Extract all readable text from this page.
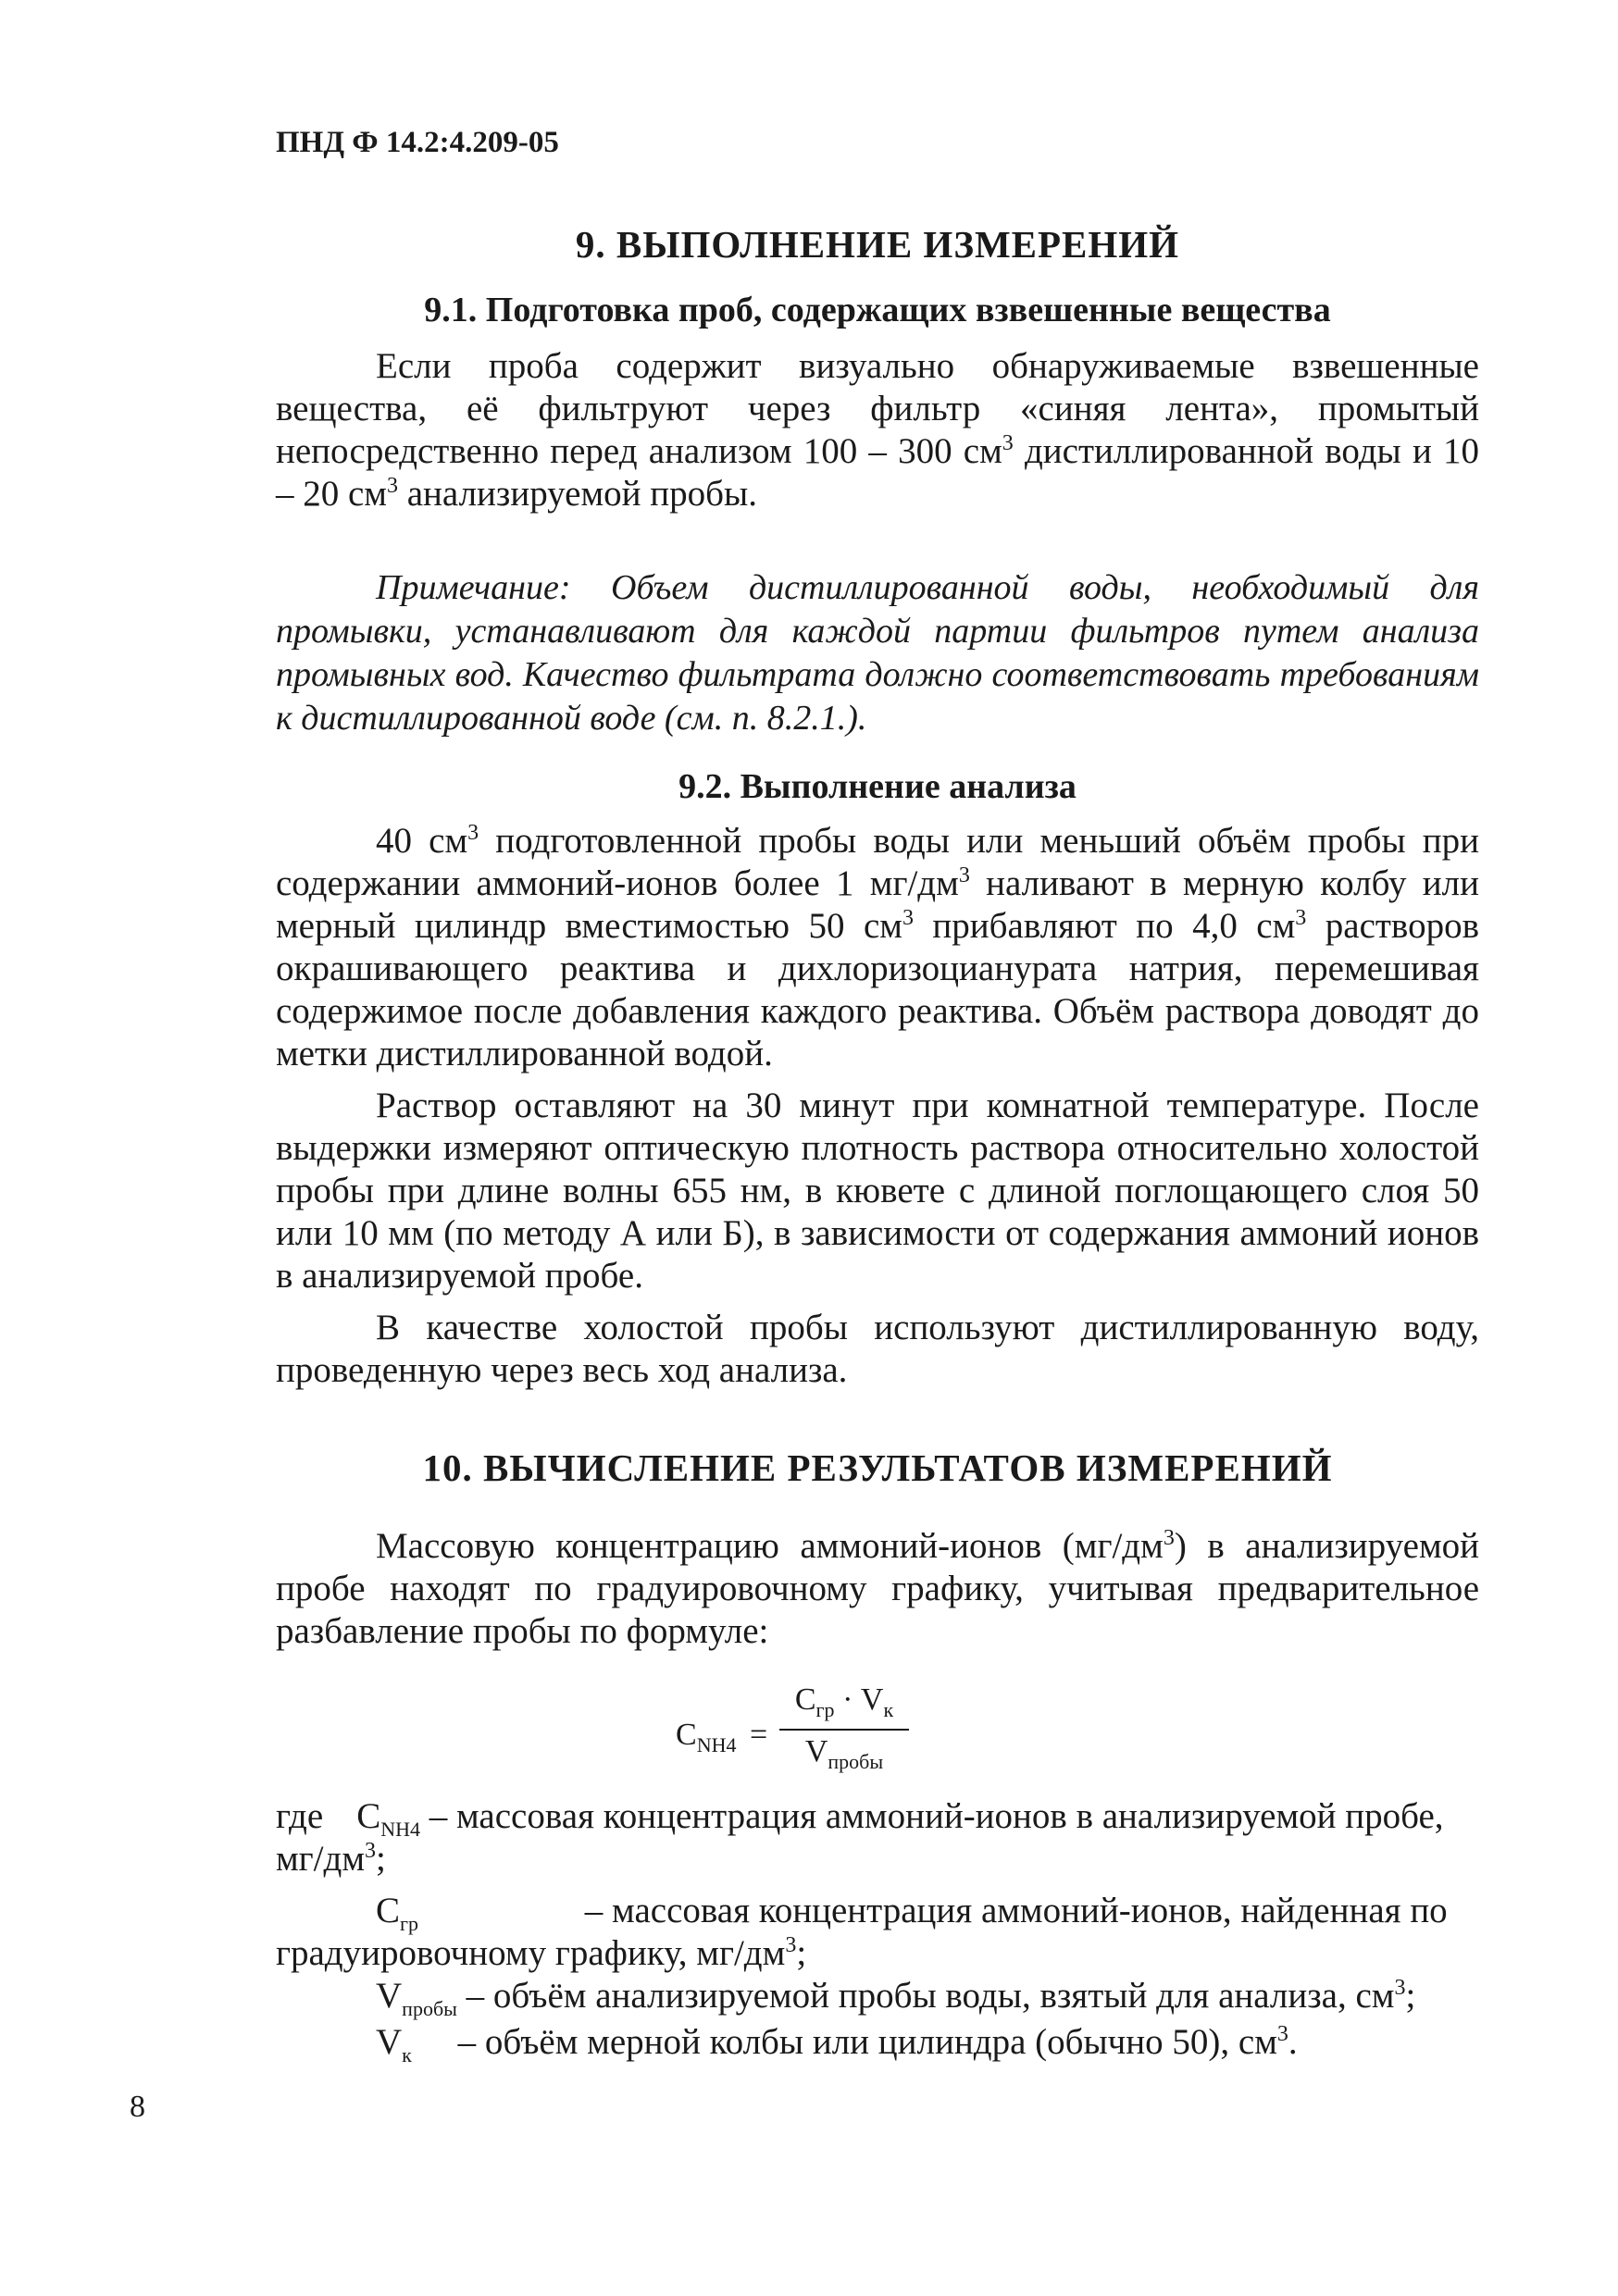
ПНД Ф 14.2:4.209-05
9. ВЫПОЛНЕНИЕ ИЗМЕРЕНИЙ
9.1. Подготовка проб, содержащих взвешенные вещества
Если проба содержит визуально обнаруживаемые взвешенные вещества, её фильтруют через фильтр «синяя лента», промытый непосредственно перед анализом 100 – 300 $см^3$ дистиллированной воды и 10 – 20 $см^3$ анализируемой пробы.
Примечание: Объем дистиллированной воды, необходимый для промывки, устанавливают для каждой партии фильтров путем анализа промывных вод. Качество фильтрата должно соответствовать требованиям к дистиллированной воде (см. п. 8.2.1.).
9.2. Выполнение анализа
40 $см^3$ подготовленной пробы воды или меньший объём пробы при содержании аммоний-ионов более 1 $мг/дм^3$ наливают в мерную колбу или мерный цилиндр вместимостью 50 $см^3$ прибавляют по 4,0 $см^3$ растворов окрашивающего реактива и дихлоризоцианурата натрия, перемешивая содержимое после добавления каждого реактива. Объём раствора доводят до метки дистиллированной водой.
Раствор оставляют на 30 минут при комнатной температуре. После выдержки измеряют оптическую плотность раствора относительно холостой пробы при длине волны 655 нм, в кювете с длиной поглощающего слоя 50 или 10 мм (по методу А или Б), в зависимости от содержания аммоний ионов в анализируемой пробе.
В качестве холостой пробы используют дистиллированную воду, проведенную через весь ход анализа.
10. ВЫЧИСЛЕНИЕ РЕЗУЛЬТАТОВ ИЗМЕРЕНИЙ
Массовую концентрацию аммоний-ионов $(мг/дм^3)$ в анализируемой пробе находят по градуировочному графику, учитывая предварительное разбавление пробы по формуле:
$C_{NH4}$ =
$C_{гр} \cdot V_к$
$V_{пробы}$
где $C_{NH4}$ – массовая концентрация аммоний-ионов в анализируемой пробе, $мг/дм^3$;
$C_{гр}$	– массовая концентрация аммоний-ионов, найденная по градуировочному графику, $мг/дм^3$;
$V_{пробы}$ – объём анализируемой пробы воды, взятый для анализа, $см^3$;
$V_к$ – объём мерной колбы или цилиндра (обычно 50), $см^3$.
8
